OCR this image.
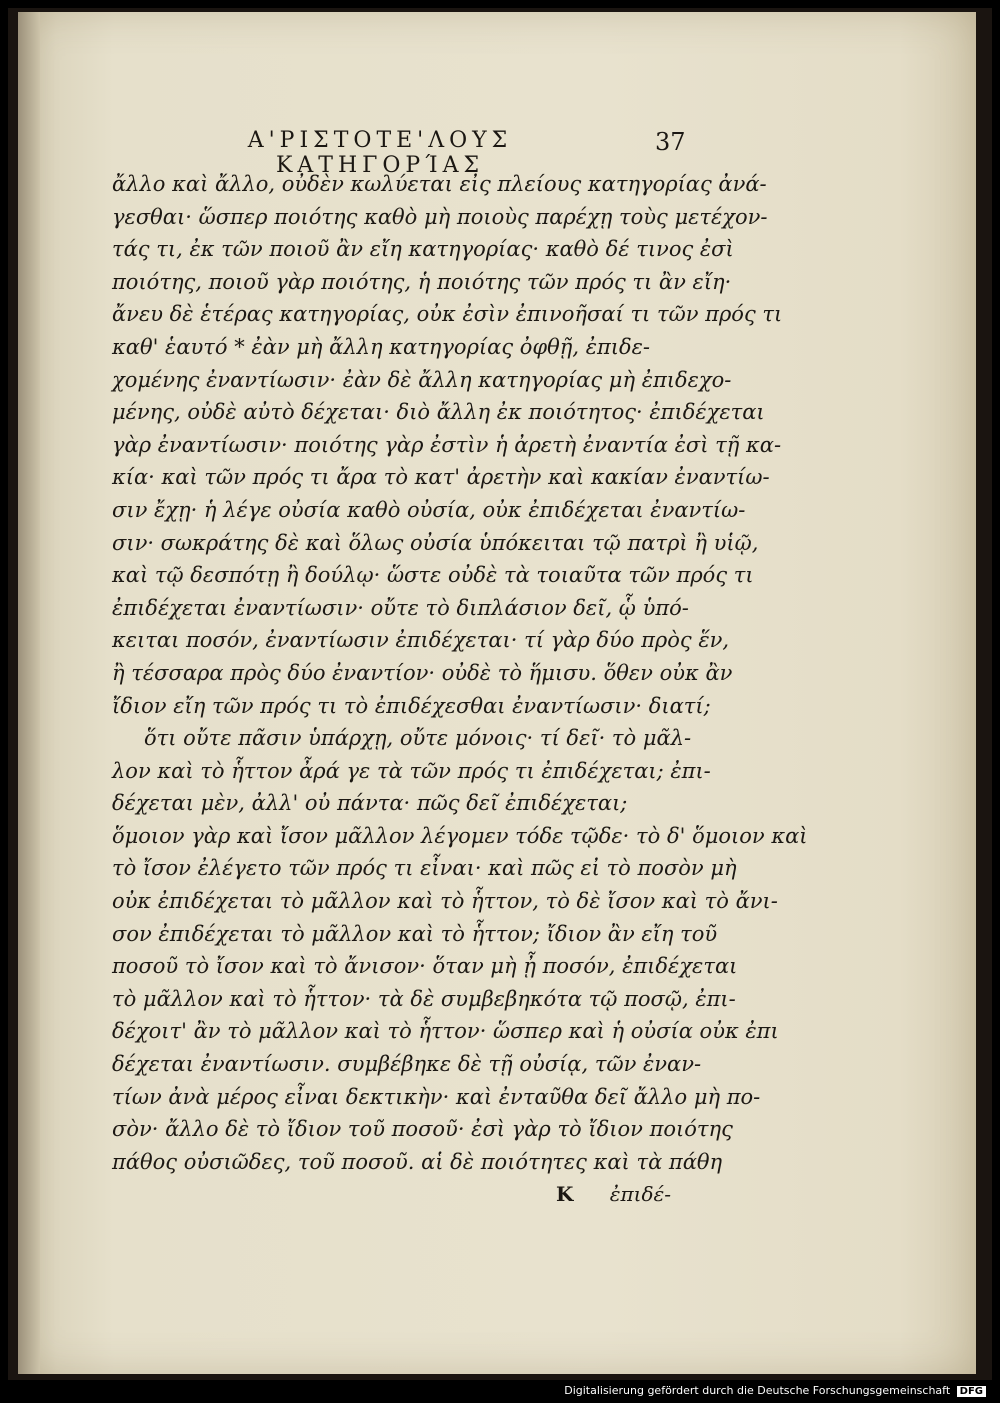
Α'ΡΙΣΤΟΤΕ'ΛΟΥΣ ΚΑΤΗΓΟΡΊΑΣ
37
ἄλλο καὶ ἄλλο, οὐδὲν κωλύεται εἰς πλείους κατηγορίας ἀνά-
γεσθαι· ὥσπερ ποιότης καθὸ μὴ ποιοὺς παρέχῃ τοὺς μετέχον-
τάς τι, ἐκ τῶν ποιοῦ ἂν εἴη κατηγορίας· καθὸ δέ τινος ἐσὶ
ποιότης, ποιοῦ γὰρ ποιότης, ἡ ποιότης τῶν πρός τι ἂν εἴη·
ἄνευ δὲ ἑτέρας κατηγορίας, οὐκ ἐσὶν ἐπινοῆσαί τι τῶν πρός τι
καθ' ἑαυτό * ἐὰν μὴ ἄλλη κατηγορίας ὀφθῇ, ἐπιδε-
χομένης ἐναντίωσιν· ἐὰν δὲ ἄλλη κατηγορίας μὴ ἐπιδεχο-
μένης, οὐδὲ αὐτὸ δέχεται· διὸ ἄλλη ἐκ ποιότητος· ἐπιδέχεται
γὰρ ἐναντίωσιν· ποιότης γὰρ ἐστὶν ἡ ἀρετὴ ἐναντία ἐσὶ τῇ κα-
κία· καὶ τῶν πρός τι ἄρα τὸ κατ' ἀρετὴν καὶ κακίαν ἐναντίω-
σιν ἔχῃ· ἡ λέγε οὐσία καθὸ οὐσία, οὐκ ἐπιδέχεται ἐναντίω-
σιν· σωκράτης δὲ καὶ ὅλως οὐσία ὑπόκειται τῷ πατρὶ ἢ υἱῷ,
καὶ τῷ δεσπότῃ ἢ δούλῳ· ὥστε οὐδὲ τὰ τοιαῦτα τῶν πρός τι
ἐπιδέχεται ἐναντίωσιν· οὔτε τὸ διπλάσιον δεῖ, ᾧ ὑπό-
κειται ποσόν, ἐναντίωσιν ἐπιδέχεται· τί γὰρ δύο πρὸς ἕν,
ἢ τέσσαρα πρὸς δύο ἐναντίον· οὐδὲ τὸ ἥμισυ. ὅθεν οὐκ ἂν
ἴδιον εἴη τῶν πρός τι τὸ ἐπιδέχεσθαι ἐναντίωσιν· διατί;
ὅτι οὔτε πᾶσιν ὑπάρχῃ, οὔτε μόνοις· τί δεῖ· τὸ μᾶλ-
λον καὶ τὸ ἧττον ἆρά γε τὰ τῶν πρός τι ἐπιδέχεται; ἐπι-
δέχεται μὲν, ἀλλ' οὐ πάντα· πῶς δεῖ ἐπιδέχεται;
ὅμοιον γὰρ καὶ ἴσον μᾶλλον λέγομεν τόδε τῷδε· τὸ δ' ὅμοιον καὶ
τὸ ἴσον ἐλέγετο τῶν πρός τι εἶναι· καὶ πῶς εἰ τὸ ποσὸν μὴ
οὐκ ἐπιδέχεται τὸ μᾶλλον καὶ τὸ ἧττον, τὸ δὲ ἴσον καὶ τὸ ἄνι-
σον ἐπιδέχεται τὸ μᾶλλον καὶ τὸ ἧττον; ἴδιον ἂν εἴη τοῦ
ποσοῦ τὸ ἴσον καὶ τὸ ἄνισον· ὅταν μὴ ᾖ ποσόν, ἐπιδέχεται
τὸ μᾶλλον καὶ τὸ ἧττον· τὰ δὲ συμβεβηκότα τῷ ποσῷ, ἐπι-
δέχοιτ' ἂν τὸ μᾶλλον καὶ τὸ ἧττον· ὥσπερ καὶ ἡ οὐσία οὐκ ἐπι
δέχεται ἐναντίωσιν. συμβέβηκε δὲ τῇ οὐσίᾳ, τῶν ἐναν-
τίων ἀνὰ μέρος εἶναι δεκτικὴν· καὶ ἐνταῦθα δεῖ ἄλλο μὴ πο-
σὸν· ἄλλο δὲ τὸ ἴδιον τοῦ ποσοῦ· ἐσὶ γὰρ τὸ ἴδιον ποιότης
πάθος οὐσιῶδες, τοῦ ποσοῦ. αἱ δὲ ποιότητες καὶ τὰ πάθη
Κ ἐπιδέ-
Digitalisierung gefördert durch die Deutsche Forschungsgemeinschaft DFG
